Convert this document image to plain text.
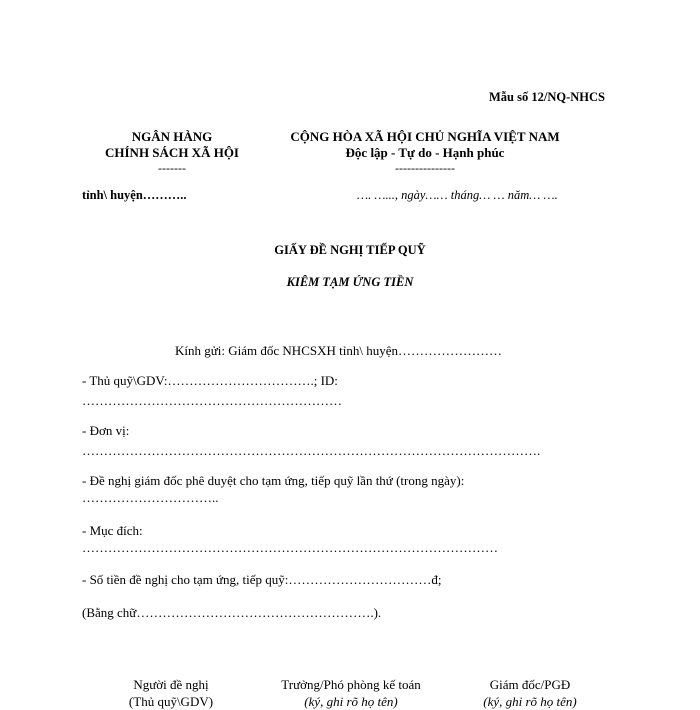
Mẫu số 12/NQ-NHCS
NGÂN HÀNG
CHÍNH SÁCH XÃ HỘI
-------
CỘNG HÒA XÃ HỘI CHỦ NGHĨA VIỆT NAM
Độc lập - Tự do - Hạnh phúc
---------------
tỉnh\ huyện………..	…. …..., ngày…… tháng… … năm… ….
GIẤY ĐỀ NGHỊ TIẾP QUỸ
KIÊM TẠM ỨNG TIỀN
Kính gửi: Giám đốc NHCSXH tỉnh\ huyện……………………
- Thủ quỹ\GDV:…………………………….; ID:
……………………………………………………
- Đơn vị:
…………………………………………………………………………………………….
- Đề nghị giám đốc phê duyệt cho tạm ứng, tiếp quỹ lần thứ (trong ngày):
…………………………..
- Mục đích:
……………………………………………………………………………………
- Số tiền đề nghị cho tạm ứng, tiếp quỹ:……………………………đ;
(Bằng chữ……………………………………………….).
Người đề nghị
(Thủ quỹ\GDV)
Trưởng/Phó phòng kế toán
(ký, ghi rõ họ tên)
Giám đốc/PGĐ
(ký, ghi rõ họ tên)
